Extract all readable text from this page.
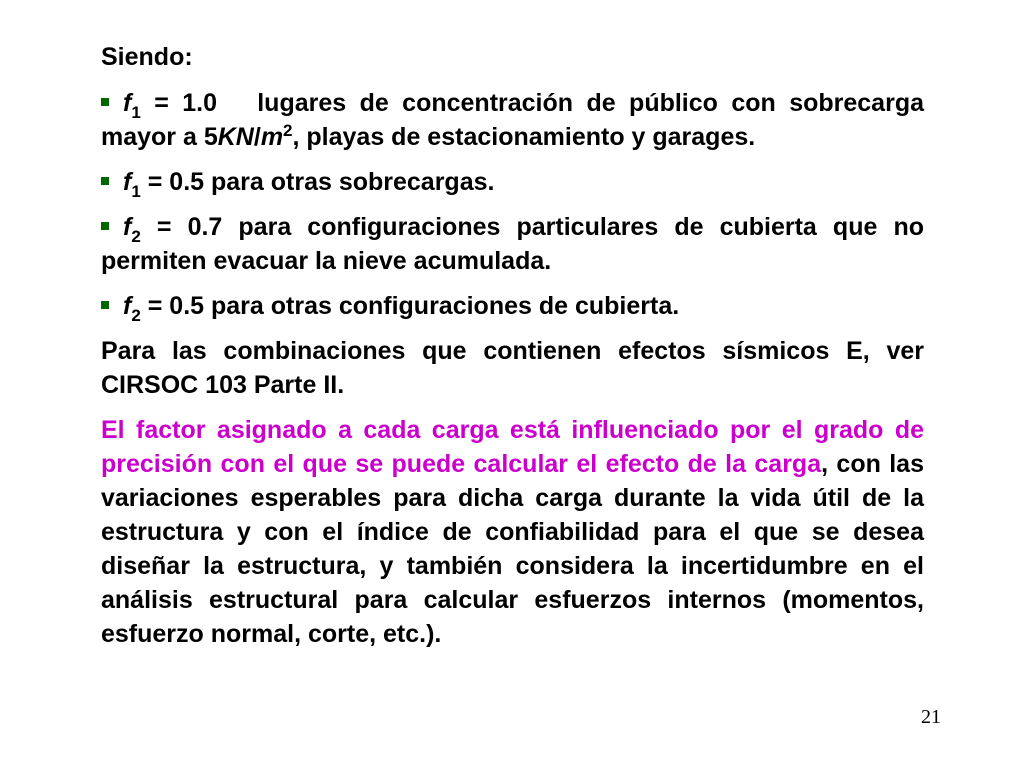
Siendo:

$f_1 = 1.0$   lugares de concentración de público con sobrecarga mayor a $5KN/m^2$, playas de estacionamiento y garages.

$f_1 = 0.5$ para otras sobrecargas.

$f_2 = 0.7$ para configuraciones particulares de cubierta que no permiten evacuar la nieve acumulada.

$f_2 = 0.5$ para otras configuraciones de cubierta.

Para las combinaciones que contienen efectos sísmicos E, ver CIRSOC 103 Parte II.

El factor asignado a cada carga está influenciado por el grado de precisión con el que se puede calcular el efecto de la carga, con las variaciones esperables para dicha carga durante la vida útil de la estructura y con el índice de confiabilidad para el que se desea diseñar la estructura, y también considera la incertidumbre en el análisis estructural para calcular esfuerzos internos (momentos, esfuerzo normal, corte, etc.).

21
